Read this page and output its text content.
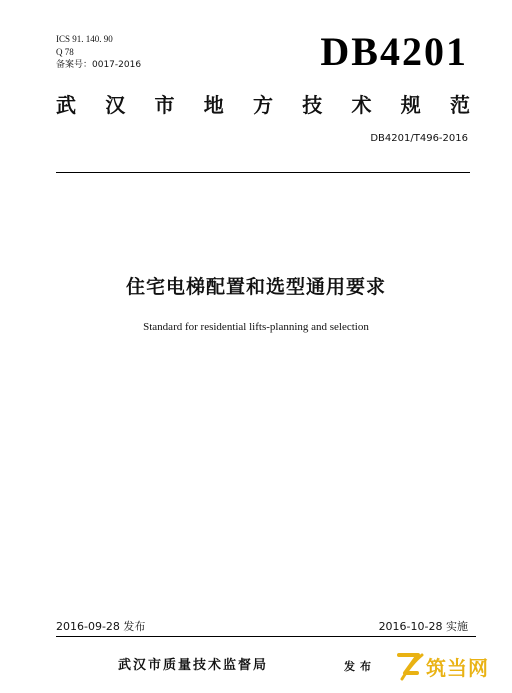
ICS 91. 140. 90
Q 78
备案号：0017-2016	DB4201
武 汉 市 地 方 技 术 规 范
DB4201/T496-2016
住宅电梯配置和选型通用要求
Standard for residential lifts-planning and selection
2016-09-28 发布	2016-10-28 实施
武汉市质量技术监督局	发布	筑当网
